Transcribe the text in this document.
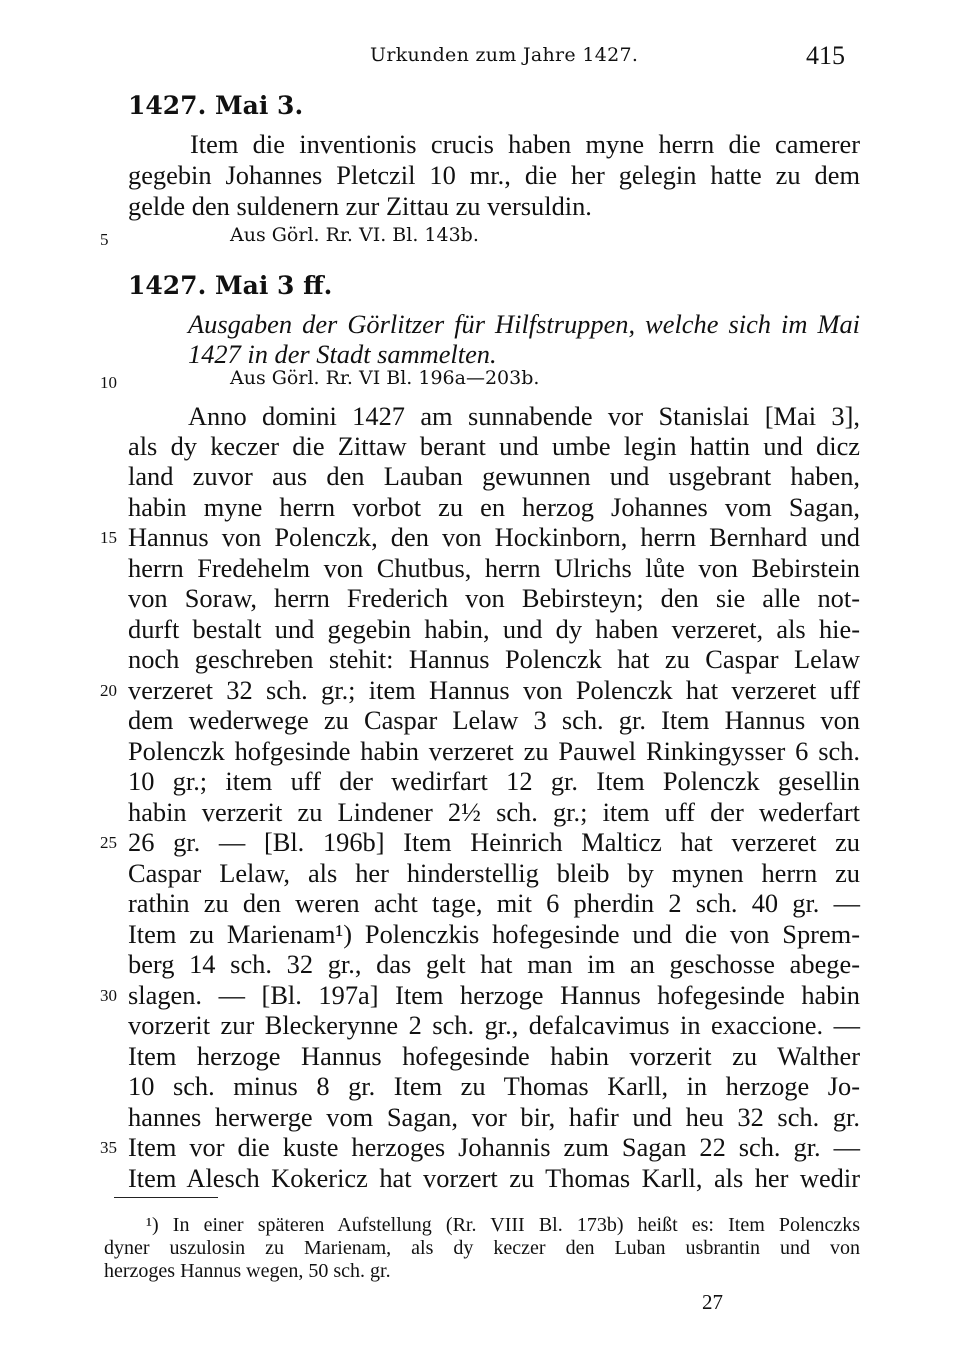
Urkunden zum Jahre 1427.	415
1427. Mai 3.
Item die inventionis crucis haben myne herrn die camerer
gegebin Johannes Pletczil 10 mr., die her gelegin hatte zu dem
gelde den suldenern zur Zittau zu versuldin.
5	Aus Görl. Rr. VI. Bl. 143b.
1427. Mai 3 ff.
Ausgaben der Görlitzer für Hilfstruppen, welche sich im Mai
1427 in der Stadt sammelten.
10	Aus Görl. Rr. VI Bl. 196a—203b.
Anno domini 1427 am sunnabende vor Stanislai [Mai 3],
als dy keczer die Zittaw berant und umbe legin hattin und dicz
land zuvor aus den Lauban gewunnen und usgebrant haben,
habin myne herrn vorbot zu en herzog Johannes vom Sagan,
15 Hannus von Polenczk, den von Hockinborn, herrn Bernhard und
herrn Fredehelm von Chutbus, herrn Ulrichs lůte von Bebirstein
von Soraw, herrn Frederich von Bebirsteyn; den sie alle not-
durft bestalt und gegebin habin, und dy haben verzeret, als hie-
noch geschreben stehit: Hannus Polenczk hat zu Caspar Lelaw
20 verzeret 32 sch. gr.; item Hannus von Polenczk hat verzeret uff
dem wederwege zu Caspar Lelaw 3 sch. gr. Item Hannus von
Polenczk hofgesinde habin verzeret zu Pauwel Rinkingysser 6 sch.
10 gr.; item uff der wedirfart 12 gr. Item Polenczk gesellin
habin verzerit zu Lindener 2½ sch. gr.; item uff der wederfart
25 26 gr. — [Bl. 196b] Item Heinrich Malticz hat verzeret zu
Caspar Lelaw, als her hinderstellig bleib by mynen herrn zu
rathin zu den weren acht tage, mit 6 pherdin 2 sch. 40 gr. —
Item zu Marienam¹) Polenczkis hofegesinde und die von Sprem-
berg 14 sch. 32 gr., das gelt hat man im an geschosse abege-
30 slagen. — [Bl. 197a] Item herzoge Hannus hofegesinde habin
vorzerit zur Bleckerynne 2 sch. gr., defalcavimus in exaccione. —
Item herzoge Hannus hofegesinde habin vorzerit zu Walther
10 sch. minus 8 gr. Item zu Thomas Karll, in herzoge Jo-
hannes herwerge vom Sagan, vor bir, hafir und heu 32 sch. gr.
35 Item vor die kuste herzoges Johannis zum Sagan 22 sch. gr. —
Item Alesch Kokericz hat vorzert zu Thomas Karll, als her wedir
¹) In einer späteren Aufstellung (Rr. VIII Bl. 173b) heißt es: Item Polenczks
dyner uszulosin zu Marienam, als dy keczer den Luban usbrantin und von
herzoges Hannus wegen, 50 sch. gr.
27
